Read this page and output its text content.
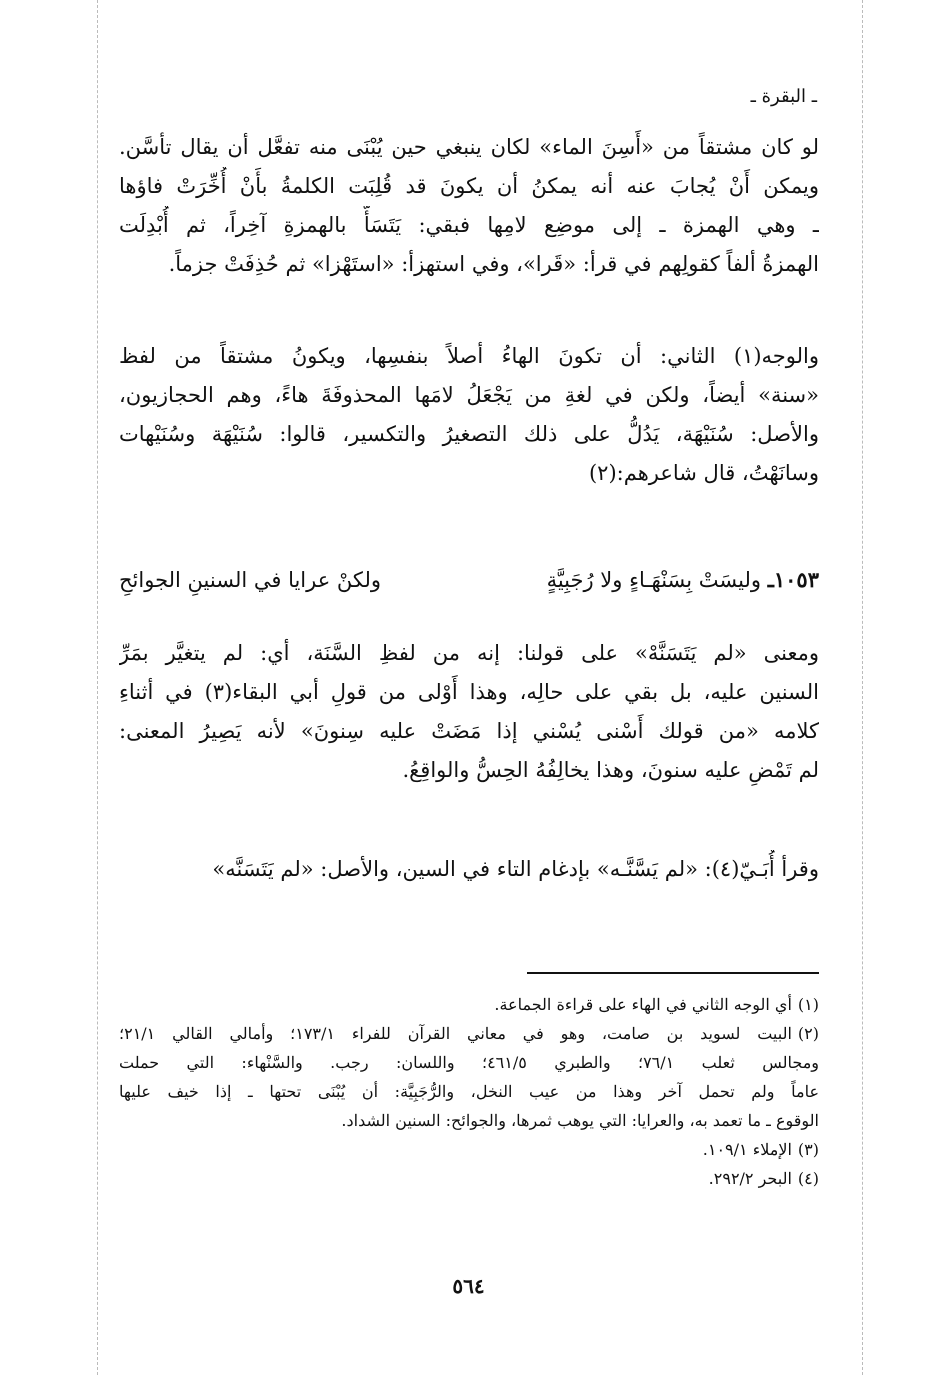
ـ البقرة ـ
لو كان مشتقاً من «أَسِنَ الماء» لكان ينبغي حين يُبْنَى منه تفعَّل أن يقال تأسَّن.
ويمكن أَنْ يُجابَ عنه أنه يمكنُ أن يكونَ قد قُلِبَت الكلمةُ بأَنْ أُخِّرَتْ فاؤها
ـ وهي الهمزة ـ إلى موضِع لامِها فبقي: يَتَسَأَّ بالهمزةِ آخِراً، ثم أُبْدِلَت
الهمزةُ ألفاً كقولِهم في قرأ: «قَرا»، وفي استهزأ: «استَهْزا» ثم حُذِفَتْ جزماً.
والوجه(١) الثاني: أن تكونَ الهاءُ أصلاً بنفسِها، ويكونُ مشتقاً من لفظ
«سنة» أيضاً، ولكن في لغةِ من يَجْعَلُ لامَها المحذوفَةَ هاءً، وهم الحجازيون،
والأصل: سُنَيْهَة، يَدُلُّ على ذلك التصغيرُ والتكسير، قالوا: سُنَيْهَة وسُنَيْهات
وسانَهْتُ، قال شاعرهم:(٢)
١٠٥٣ـ وليسَتْ بِسَنْهَـاءٍ ولا رُجَبِيَّةٍ
ولكنْ عرايا في السنينِ الجوائحِ
ومعنى «لم يَتَسَنَّهْ» على قولنا: إنه من لفظِ السَّنَة، أي: لم يتغيَّر بمَرِّ
السنين عليه، بل بقي على حالِه، وهذا أَوْلى من قولِ أبي البقاء(٣) في أثناءِ
كلامه «من قولك أَسْنى يُسْني إذا مَضَتْ عليه سِنونَ» لأنه يَصِيرُ المعنى:
لم تَمْضِ عليه سنونَ، وهذا يخالِفُهُ الحِسُّ والواقِعُ.
وقرأ أُبَـيّ(٤): «لم يَسَّنَّـه» بإدغام التاء في السين، والأصل: «لم يَتَسَنَّه»
(١)أي الوجه الثاني في الهاء على قراءة الجماعة.
(٢)البيت لسويد بن صامت، وهو في معاني القرآن للفراء ١٧٣/١؛ وأمالي القالي ٢١/١؛
ومجالس ثعلب ٧٦/١؛ والطبري ٤٦١/٥؛ واللسان: رجب. والسَّنْهاء: التي حملت
عاماً ولم تحمل آخر وهذا من عيب النخل، والرُّجَبِيَّة: أن يُبْنَى تحتها ـ إذا خيف عليها
الوقوع ـ ما تعمد به، والعرايا: التي يوهب ثمرها، والجوائح: السنين الشداد.
(٣)الإملاء ١٠٩/١.
(٤)البحر ٢٩٢/٢.
٥٦٤
